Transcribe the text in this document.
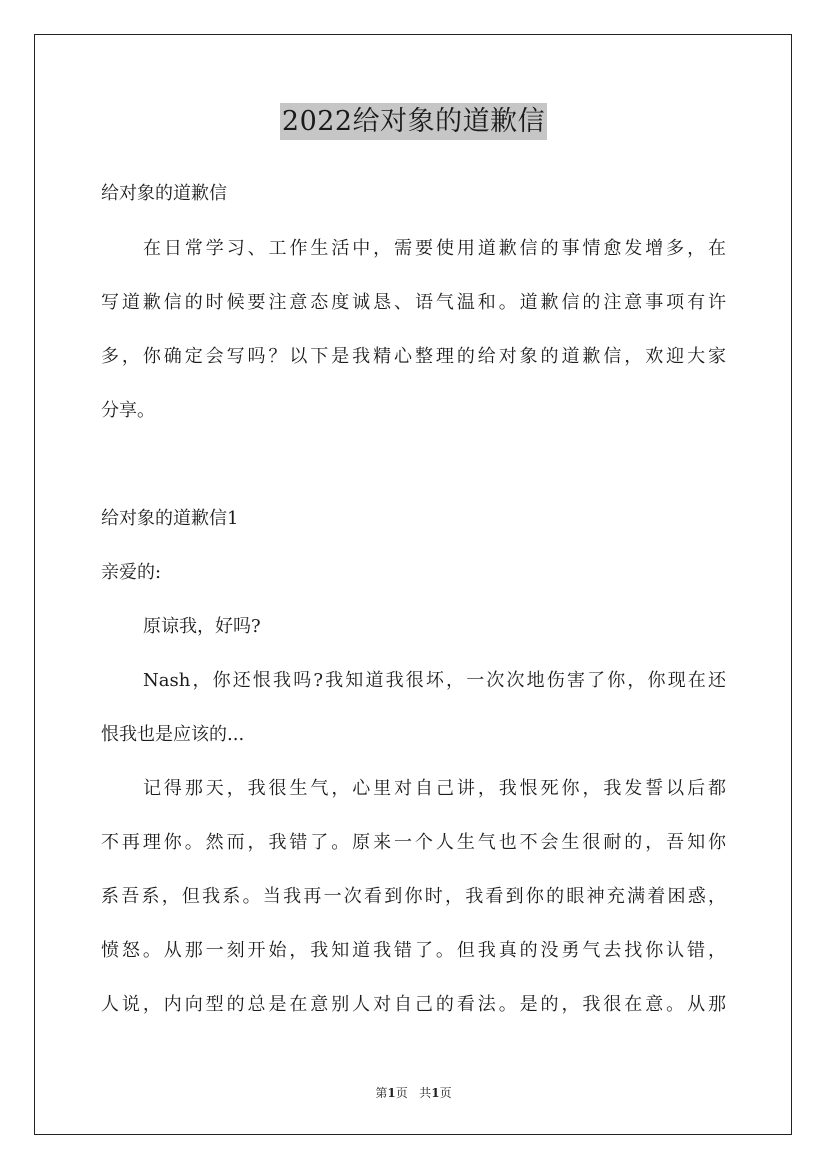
2022给对象的道歉信
给对象的道歉信
在日常学习、工作生活中，需要使用道歉信的事情愈发增多，在
写道歉信的时候要注意态度诚恳、语气温和。道歉信的注意事项有许
多，你确定会写吗？以下是我精心整理的给对象的道歉信，欢迎大家
分享。
给对象的道歉信1
亲爱的:
原谅我，好吗?
Nash，你还恨我吗?我知道我很坏，一次次地伤害了你，你现在还
恨我也是应该的...
记得那天，我很生气，心里对自己讲，我恨死你，我发誓以后都
不再理你。然而，我错了。原来一个人生气也不会生很耐的，吾知你
系吾系，但我系。当我再一次看到你时，我看到你的眼神充满着困惑，
愤怒。从那一刻开始，我知道我错了。但我真的没勇气去找你认错，
人说，内向型的总是在意别人对自己的看法。是的，我很在意。从那
第1页 共1页
